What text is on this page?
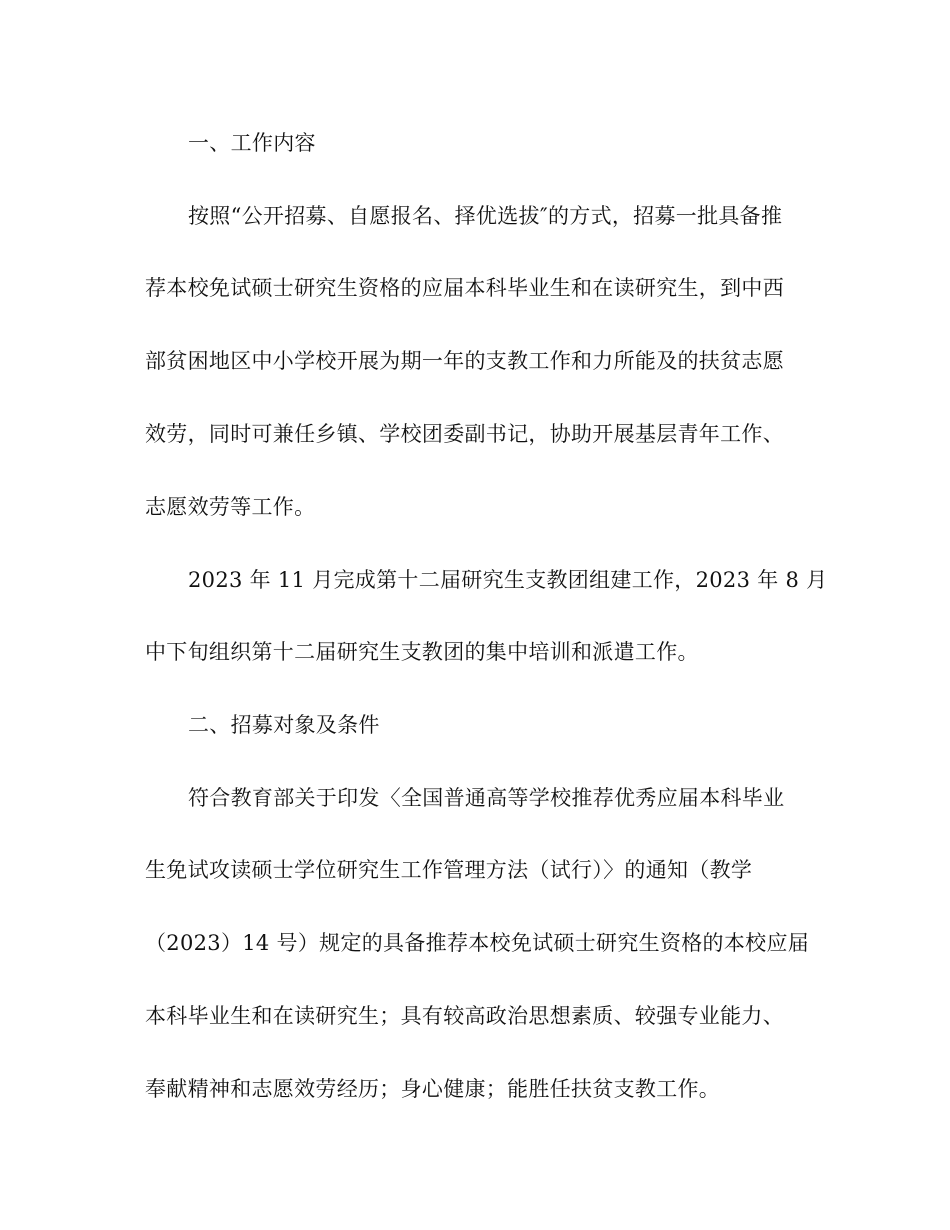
一、工作内容
按照“公开招募、自愿报名、择优选拔″的方式，招募一批具备推
荐本校免试硕士研究生资格的应届本科毕业生和在读研究生，到中西
部贫困地区中小学校开展为期一年的支教工作和力所能及的扶贫志愿
效劳，同时可兼任乡镇、学校团委副书记，协助开展基层青年工作、
志愿效劳等工作。
2023 年 11 月完成第十二届研究生支教团组建工作，2023 年 8 月
中下旬组织第十二届研究生支教团的集中培训和派遣工作。
二、招募对象及条件
符合教育部关于印发〈全国普通高等学校推荐优秀应届本科毕业
生免试攻读硕士学位研究生工作管理方法（试行）〉的通知（教学
（2023）14 号）规定的具备推荐本校免试硕士研究生资格的本校应届
本科毕业生和在读研究生；具有较高政治思想素质、较强专业能力、
奉献精神和志愿效劳经历；身心健康；能胜任扶贫支教工作。
